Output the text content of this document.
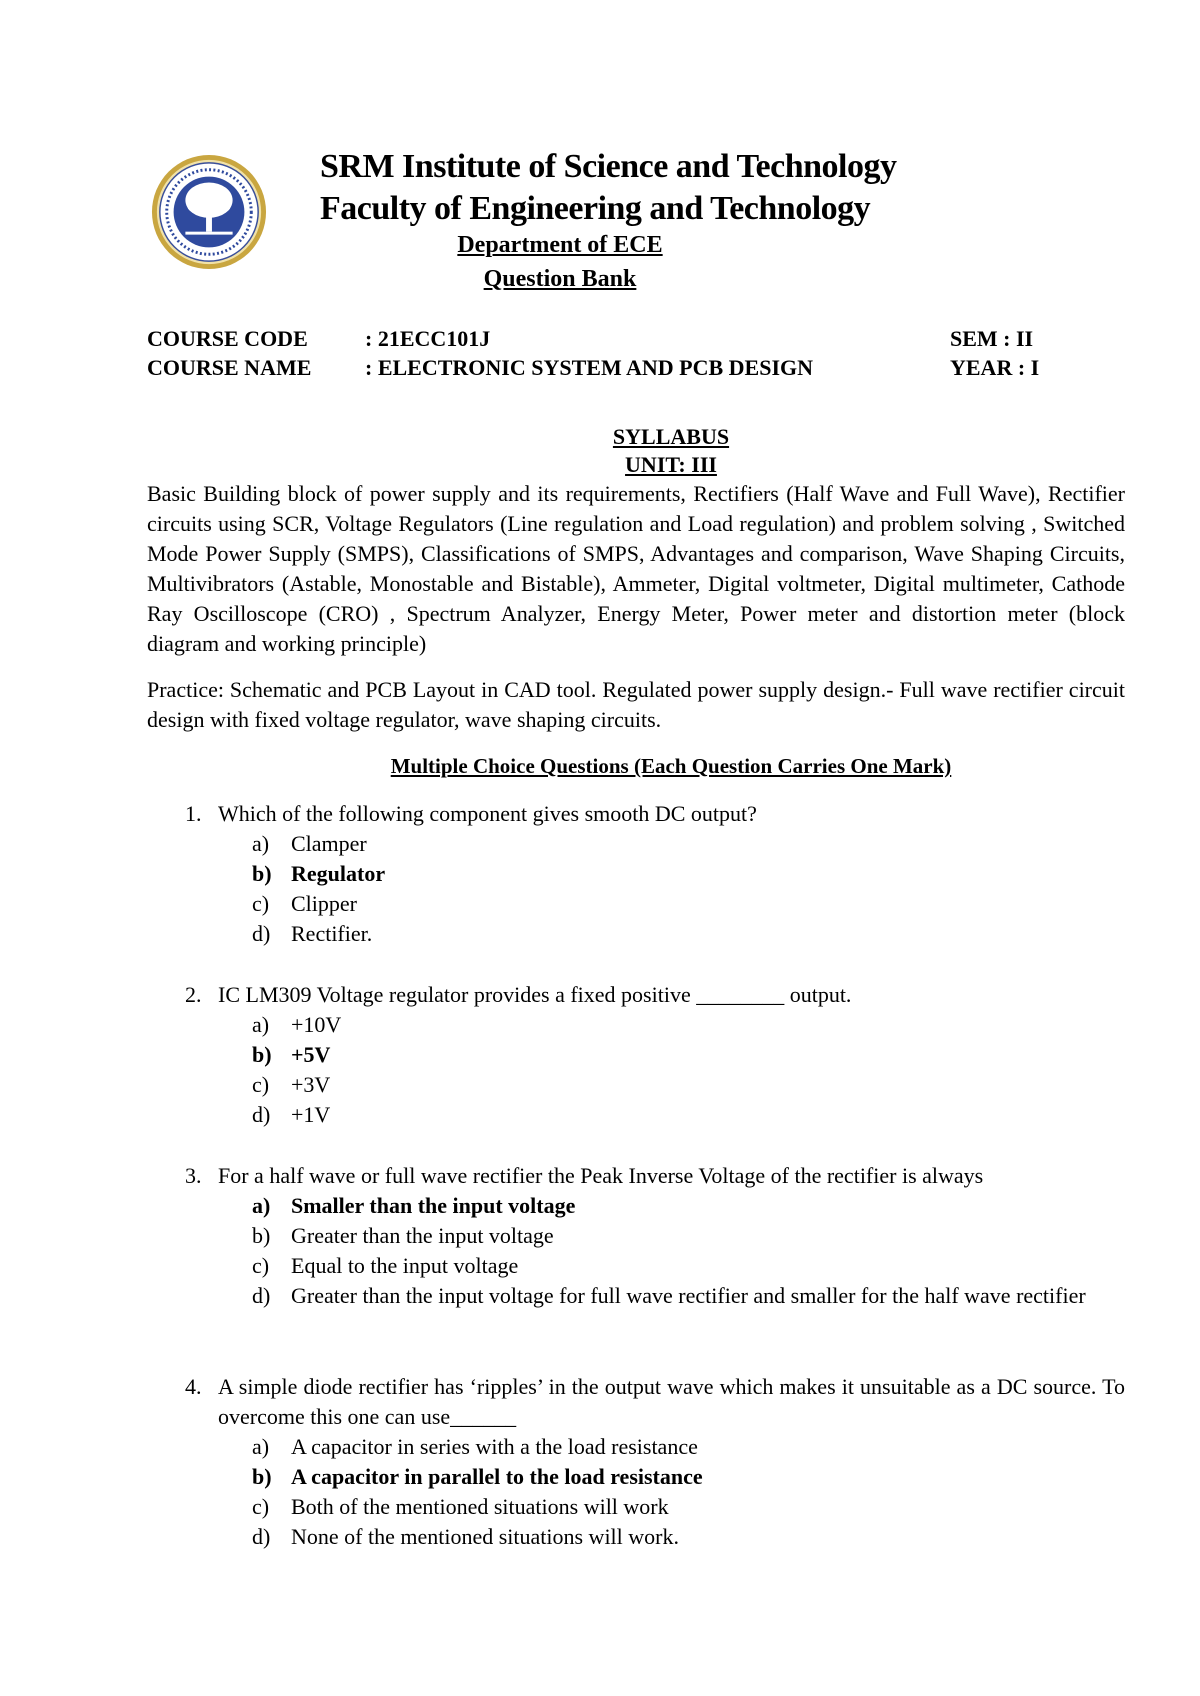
SRM Institute of Science and Technology
Faculty of Engineering and Technology
Department of ECE
Question Bank
COURSE CODE	: 21ECC101J	SEM : II
COURSE NAME : ELECTRONIC SYSTEM AND PCB DESIGN	YEAR : I
SYLLABUS
UNIT: III
Basic Building block of power supply and its requirements, Rectifiers (Half Wave and Full Wave), Rectifier circuits using SCR, Voltage Regulators (Line regulation and Load regulation) and problem solving , Switched Mode Power Supply (SMPS), Classifications of SMPS, Advantages and comparison, Wave Shaping Circuits, Multivibrators (Astable, Monostable and Bistable), Ammeter, Digital voltmeter, Digital multimeter, Cathode Ray Oscilloscope (CRO) , Spectrum Analyzer, Energy Meter, Power meter and distortion meter (block diagram and working principle)
Practice: Schematic and PCB Layout in CAD tool. Regulated power supply design.- Full wave rectifier circuit design with fixed voltage regulator, wave shaping circuits.
Multiple Choice Questions (Each Question Carries One Mark)
1. Which of the following component gives smooth DC output?
a) Clamper
b) Regulator
c) Clipper
d) Rectifier.
2. IC LM309 Voltage regulator provides a fixed positive ________ output.
a) +10V
b) +5V
c) +3V
d) +1V
3. For a half wave or full wave rectifier the Peak Inverse Voltage of the rectifier is always
a) Smaller than the input voltage
b) Greater than the input voltage
c) Equal to the input voltage
d) Greater than the input voltage for full wave rectifier and smaller for the half wave rectifier
4. A simple diode rectifier has ‘ripples’ in the output wave which makes it unsuitable as a DC source. To overcome this one can use______
a) A capacitor in series with a the load resistance
b) A capacitor in parallel to the load resistance
c) Both of the mentioned situations will work
d) None of the mentioned situations will work.
